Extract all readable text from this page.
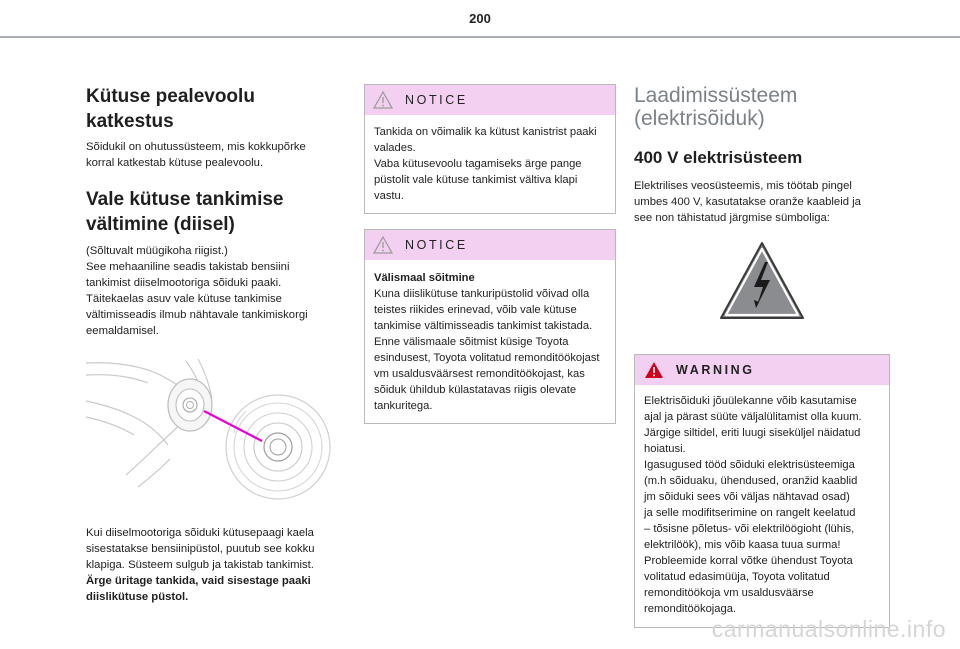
200
Kütuse pealevoolu
katkestus

Sõidukil on ohutussüsteem, mis kokkupõrke
korral katkestab kütuse pealevoolu.

Vale kütuse tankimise
vältimine (diisel)

(Sõltuvalt müügikoha riigist.)
See mehaaniline seadis takistab bensiini
tankimist diiselmootoriga sõiduki paaki.
Täitekaelas asuv vale kütuse tankimise
vältimisseadis ilmub nähtavale tankimiskorgi
eemaldamisel.

Kui diiselmootoriga sõiduki kütusepaagi kaela
sisestatakse bensiinipüstol, puutub see kokku
klapiga. Süsteem sulgub ja takistab tankimist.
Ärge üritage tankida, vaid sisestage paaki
diislikütuse püstol.

NOTICE

Tankida on võimalik ka kütust kanistrist paaki
valades.
Vaba kütusevoolu tagamiseks ärge pange
püstolit vale kütuse tankimist vältiva klapi
vastu.

NOTICE

Välismaal sõitmine
Kuna diislikütuse tankuripüstolid võivad olla
teistes riikides erinevad, võib vale kütuse
tankimise vältimisseadis tankimist takistada.
Enne välismaale sõitmist küsige Toyota
esindusest, Toyota volitatud remonditöökojast
vm usaldusväärsest remonditöökojast, kas
sõiduk ühildub külastatavas riigis olevate
tankuritega.

Laadimissüsteem
(elektrisõiduk)
400 V elektrisüsteem

Elektrilises veosüsteemis, mis töötab pingel
umbes 400 V, kasutatakse oranže kaableid ja
see non tähistatud järgmise sümboliga:

WARNING

Elektrisõiduki jõuülekanne võib kasutamise
ajal ja pärast süüte väljalülitamist olla kuum.
Järgige siltidel, eriti luugi siseküljel näidatud
hoiatusi.
Igasugused tööd sõiduki elektrisüsteemiga
(m.h sõiduaku, ühendused, oranžid kaablid
jm sõiduki sees või väljas nähtavad osad)
ja selle modifitserimine on rangelt keelatud
– tõsisne põletus- või elektrilöögioht (lühis,
elektrilöök), mis võib kaasa tuua surma!
Probleemide korral võtke ühendust Toyota
volitatud edasimüüja, Toyota volitatud
remonditöökoja vm usaldusväärse
remonditöökojaga.

carmanualsonline.info
